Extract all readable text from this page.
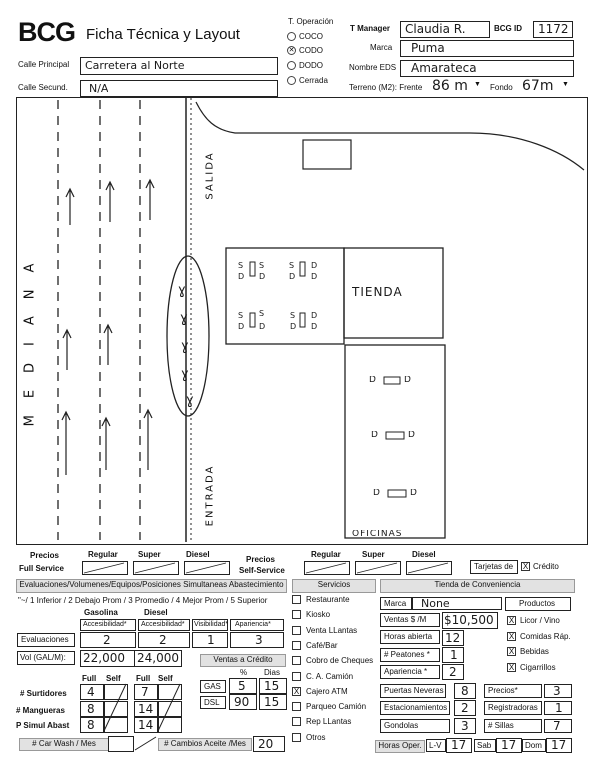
BCG Ficha Técnica y Layout
Calle Principal Carretera al Norte
Calle Secund. N/A
T. Operación
COCO
✕ CODO
DODO
Cerrada
T Manager Claudia R.	BCG ID 1172
Marca Puma
Nombre EDS Amarateca
Terreno (M2): Frente 86 m ▼ Fondo 67m ▼
MEDIANA
SALIDA
ENTRADA
ɣ
ɣ
ɣ
ɣ
ɣ
S S
D D
S D
D D
S S
D D
S D
D D
D	D
D	D
D	D
TIENDA
OFICINAS
Precios
Full Service
Regular	Super	Diesel
Precios
Self-Service
Regular	Super	Diesel
Tarjetas de X Crédito
Evaluaciones/Volumenes/Equipos/Posiciones Simultaneas Abastecimiento
"~/ 1 Inferior / 2 Debajo Prom / 3 Promedio / 4 Mejor Prom / 5 Superior
Gasolina	Diesel
Accesibilidad* Accesibilidad* Visibilidad* Apariencia*
Evaluaciones	2	2	1	3
Vol (GAL/M): 22,000 24,000	Ventas a Crédito
% Dias
GAS 5 15
DSL 90 15
Full Self Full Self
# Surtidores 4	7
# Mangueras 8	14
P Simul Abast 8	14
# Car Wash / Mes	# Cambios Aceite /Mes	20
Servicios
Restaurante
Kiosko
Venta LLantas
Café/Bar
Cobro de Cheques
C. A. Camión
X Cajero ATM
Parqueo Camión
Rep LLantas
Otros
Tienda de Conveniencia
Marca None	Productos
Ventas $ /M $10,500
Horas abierta 12
# Peatones * 1
Apariencia * 2
X Licor / Vino
X Comidas Ráp.
X Bebidas
X Cigarrillos
Puertas Neveras 8 Precios*	3
Estacionamientos 2 Registradoras 1
Gondolas	3 # Sillas	7
Horas Oper. L-V 17 Sab 17 Dom 17
